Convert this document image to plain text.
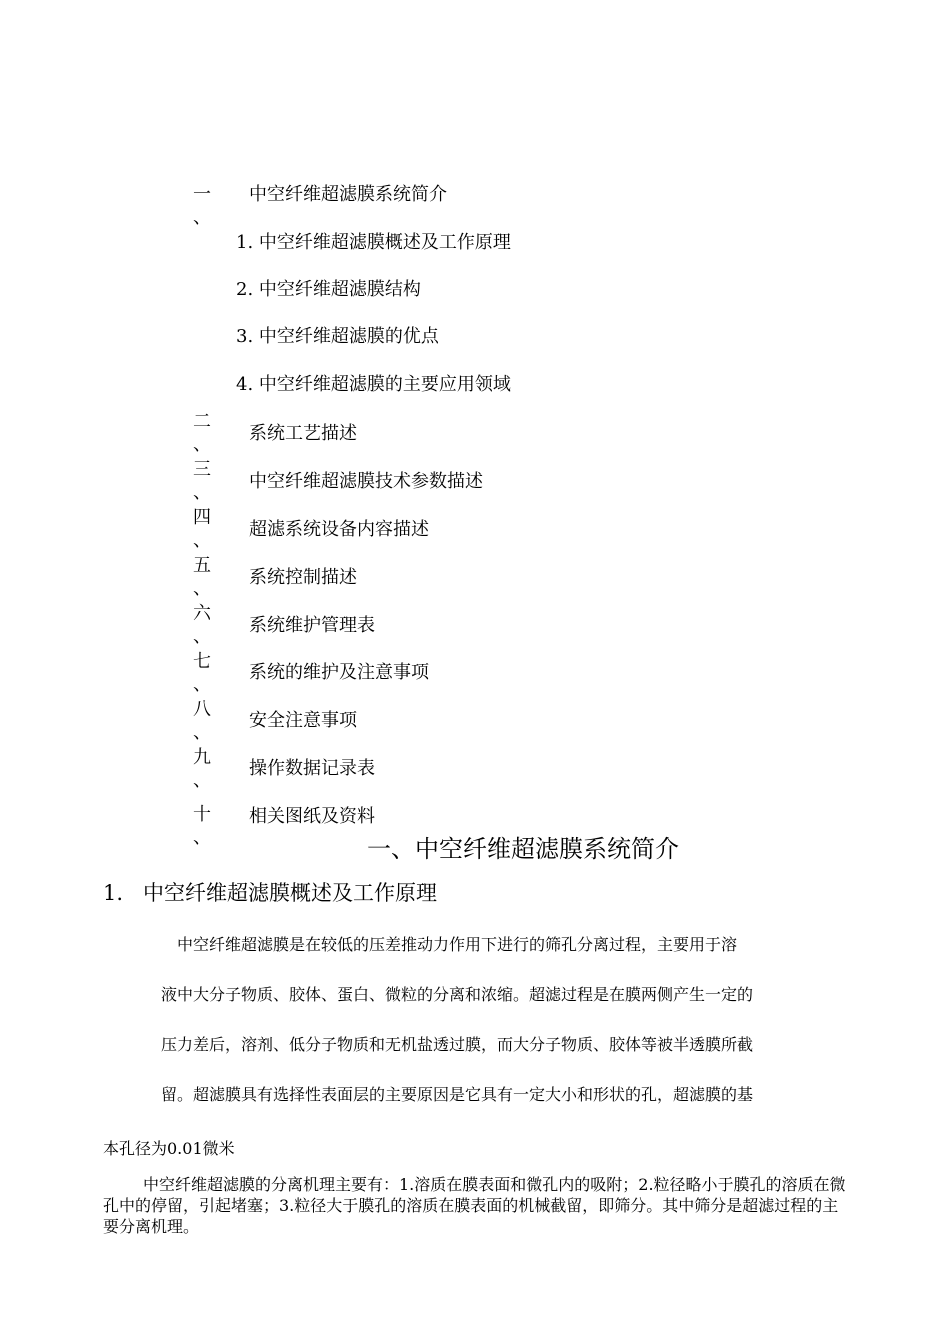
一
、
中空纤维超滤膜系统简介
1. 中空纤维超滤膜概述及工作原理
2. 中空纤维超滤膜结构
3. 中空纤维超滤膜的优点
4. 中空纤维超滤膜的主要应用领域
二
、
系统工艺描述
三
、
中空纤维超滤膜技术参数描述
四
、
超滤系统设备内容描述
五
、
系统控制描述
六
、
系统维护管理表
七
、
系统的维护及注意事项
八
、
安全注意事项
九
、
操作数据记录表
十
、
相关图纸及资料
一、中空纤维超滤膜系统简介
1. 中空纤维超滤膜概述及工作原理
中空纤维超滤膜是在较低的压差推动力作用下进行的筛孔分离过程，主要用于溶
液中大分子物质、胶体、蛋白、微粒的分离和浓缩。超滤过程是在膜两侧产生一定的
压力差后，溶剂、低分子物质和无机盐透过膜，而大分子物质、胶体等被半透膜所截
留。超滤膜具有选择性表面层的主要原因是它具有一定大小和形状的孔，超滤膜的基
本孔径为0.01微米
中空纤维超滤膜的分离机理主要有：1.溶质在膜表面和微孔内的吸附；2.粒径略小于膜孔的溶质在微孔中的停留，引起堵塞；3.粒径大于膜孔的溶质在膜表面的机械截留，即筛分。其中筛分是超滤过程的主要分离机理。
